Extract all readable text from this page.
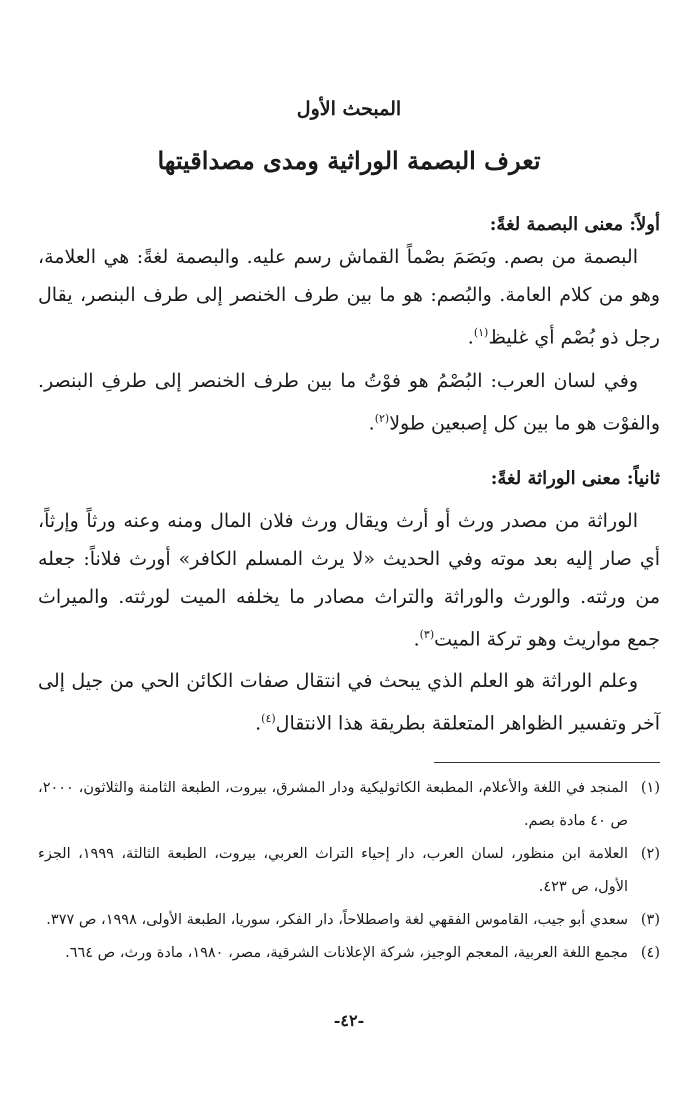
المبحث الأول
تعرف البصمة الوراثية ومدى مصداقيتها
أولاً: معنى البصمة لغةً:

البصمة من بصم. وبَصَمَ بصْماً القماش رسم عليه. والبصمة لغةً: هي العلامة، وهو من كلام العامة. والبُصم: هو ما بين طرف الخنصر إلى طرف البنصر، يقال رجل ذو بُصْم أي غليظ$^{(١)}$.

وفي لسان العرب: البُصْمُ هو فوْتُ ما بين طرف الخنصر إلى طرفِ البنصر. والفوْت هو ما بين كل إصبعين طولا$^{(٢)}$.

ثانياً: معنى الوراثة لغةً:

الوراثة من مصدر ورث أو أرث ويقال ورث فلان المال ومنه وعنه ورثاً وإرثاً، أي صار إليه بعد موته وفي الحديث «لا يرث المسلم الكافر» أورث فلاناً: جعله من ورثته. والورث والوراثة والتراث مصادر ما يخلفه الميت لورثته. والميراث جمع مواريث وهو تركة الميت$^{(٣)}$.

وعلم الوراثة هو العلم الذي يبحث في انتقال صفات الكائن الحي من جيل إلى آخر وتفسير الظواهر المتعلقة بطريقة هذا الانتقال$^{(٤)}$.

(١)المنجد في اللغة والأعلام، المطبعة الكاثوليكية ودار المشرق، بيروت، الطبعة الثامنة والثلاثون، ٢٠٠٠، ص ٤٠ مادة بصم.
(٢)العلامة ابن منظور، لسان العرب، دار إحياء التراث العربي، بيروت، الطبعة الثالثة، ١٩٩٩، الجزء الأول، ص ٤٢٣.
(٣)سعدي أبو جيب، القاموس الفقهي لغة واصطلاحاً، دار الفكر، سوريا، الطبعة الأولى، ١٩٩٨، ص ٣٧٧.
(٤)مجمع اللغة العربية، المعجم الوجيز، شركة الإعلانات الشرقية، مصر، ١٩٨٠، مادة ورث، ص ٦٦٤.
-٤٢-
